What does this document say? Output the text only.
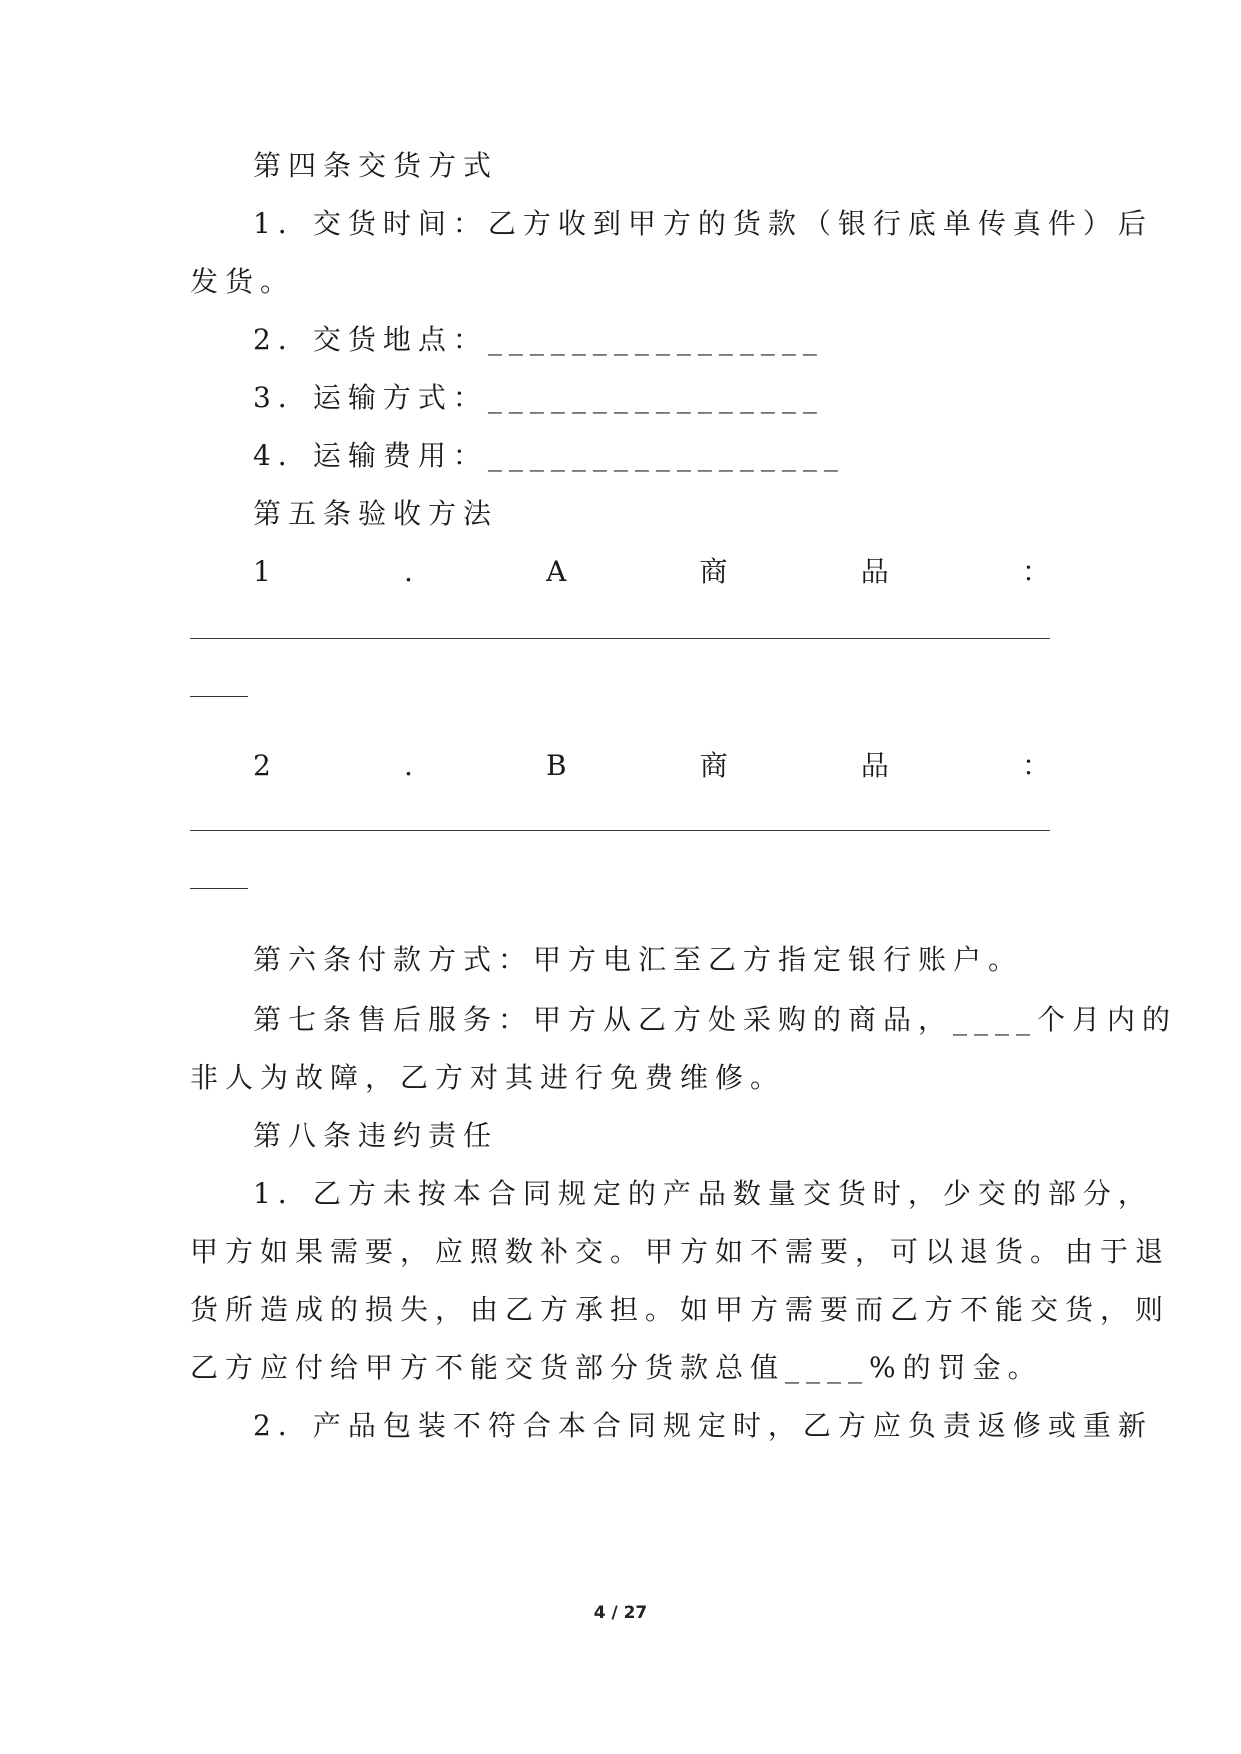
第四条交货方式
1．交货时间：乙方收到甲方的货款（银行底单传真件）后
发货。
2．交货地点：________________
3．运输方式：________________
4．运输费用：_________________
第五条验收方法
1	.	A	商	品	：
2	.	B	商	品	：
第六条付款方式：甲方电汇至乙方指定银行账户。
第七条售后服务：甲方从乙方处采购的商品，____个月内的
非人为故障，乙方对其进行免费维修。
第八条违约责任
1．乙方未按本合同规定的产品数量交货时，少交的部分，
甲方如果需要，应照数补交。甲方如不需要，可以退货。由于退
货所造成的损失，由乙方承担。如甲方需要而乙方不能交货，则
乙方应付给甲方不能交货部分货款总值____%的罚金。
2．产品包装不符合本合同规定时，乙方应负责返修或重新
4 / 27
